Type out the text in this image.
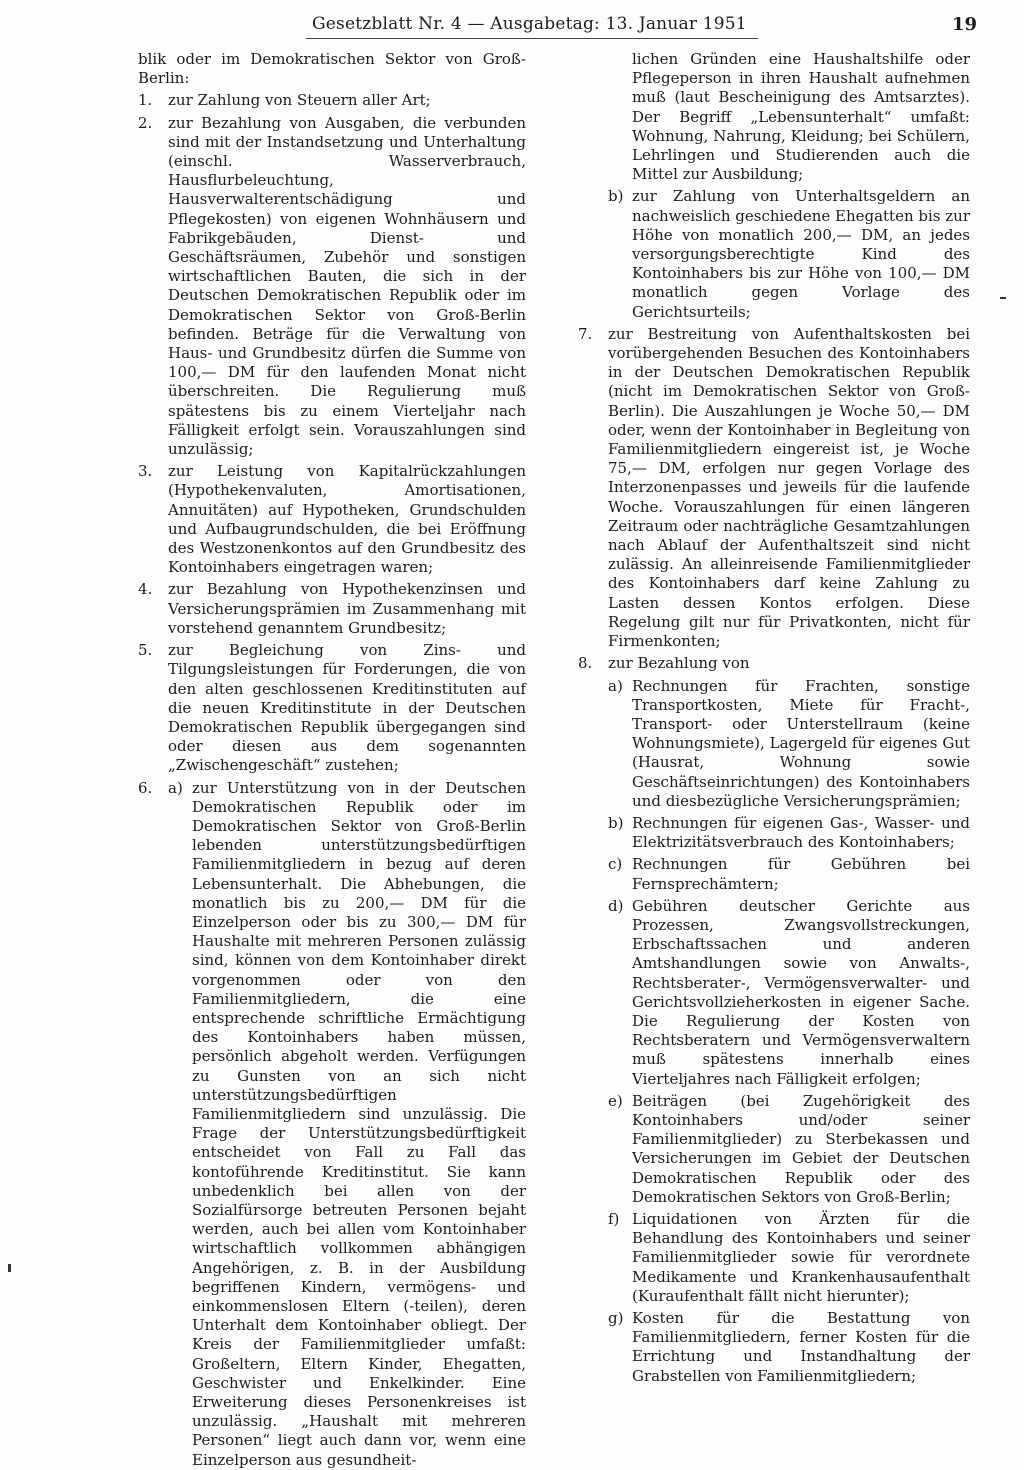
Gesetzblatt Nr. 4 — Ausgabetag: 13. Januar 1951	19

blik oder im Demokratischen Sektor von Groß-Berlin:

1.	zur Zahlung von Steuern aller Art;
2.	zur Bezahlung von Ausgaben, die verbunden sind mit der Instandsetzung und Unterhaltung (einschl. Wasserverbrauch, Hausflurbeleuchtung, Hausverwalterentschädigung und Pflegekosten) von eigenen Wohnhäusern und Fabrikgebäuden, Dienst- und Geschäftsräumen, Zubehör und sonstigen wirtschaftlichen Bauten, die sich in der Deutschen Demokratischen Republik oder im Demokratischen Sektor von Groß-Berlin befinden. Beträge für die Verwaltung von Haus- und Grundbesitz dürfen die Summe von 100,— DM für den laufenden Monat nicht überschreiten. Die Regulierung muß spätestens bis zu einem Vierteljahr nach Fälligkeit erfolgt sein. Vorauszahlungen sind unzulässig;
3.	zur Leistung von Kapitalrückzahlungen (Hypothekenvaluten, Amortisationen, Annuitäten) auf Hypotheken, Grundschulden und Aufbaugrundschulden, die bei Eröffnung des Westzonenkontos auf den Grundbesitz des Kontoinhabers eingetragen waren;
4.	zur Bezahlung von Hypothekenzinsen und Versicherungsprämien im Zusammenhang mit vorstehend genanntem Grundbesitz;
5.	zur Begleichung von Zins- und Tilgungsleistungen für Forderungen, die von den alten geschlossenen Kreditinstituten auf die neuen Kreditinstitute in der Deutschen Demokratischen Republik übergegangen sind oder diesen aus dem sogenannten „Zwischengeschäft“ zustehen;
6.	a) zur Unterstützung von in der Deutschen Demokratischen Republik oder im Demokratischen Sektor von Groß-Berlin lebenden unterstützungsbedürftigen Familienmitgliedern in bezug auf deren Lebensunterhalt. Die Abhebungen, die monatlich bis zu 200,— DM für die Einzelperson oder bis zu 300,— DM für Haushalte mit mehreren Personen zulässig sind, können von dem Kontoinhaber direkt vorgenommen oder von den Familienmitgliedern, die eine entsprechende schriftliche Ermächtigung des Kontoinhabers haben müssen, persönlich abgeholt werden. Verfügungen zu Gunsten von an sich nicht unterstützungsbedürftigen Familienmitgliedern sind unzulässig. Die Frage der Unterstützungsbedürftigkeit entscheidet von Fall zu Fall das kontoführende Kreditinstitut. Sie kann unbedenklich bei allen von der Sozialfürsorge betreuten Personen bejaht werden, auch bei allen vom Kontoinhaber wirtschaftlich vollkommen abhängigen Angehörigen, z. B. in der Ausbildung begriffenen Kindern, vermögens- und einkommenslosen Eltern (-teilen), deren Unterhalt dem Kontoinhaber obliegt. Der Kreis der Familienmitglieder umfaßt: Großeltern, Eltern Kinder, Ehegatten, Geschwister und Enkelkinder. Eine Erweiterung dieses Personenkreises ist unzulässig. „Haushalt mit mehreren Personen“ liegt auch dann vor, wenn eine Einzelperson aus gesundheit-

lichen Gründen eine Haushaltshilfe oder Pflegeperson in ihren Haushalt aufnehmen muß (laut Bescheinigung des Amtsarztes). Der Begriff „Lebensunterhalt“ umfaßt: Wohnung, Nahrung, Kleidung; bei Schülern, Lehrlingen und Studierenden auch die Mittel zur Ausbildung;

b) zur Zahlung von Unterhaltsgeldern an nachweislich geschiedene Ehegatten bis zur Höhe von monatlich 200,— DM, an jedes versorgungsberechtigte Kind des Kontoinhabers bis zur Höhe von 100,— DM monatlich gegen Vorlage des Gerichtsurteils;
7.	zur Bestreitung von Aufenthaltskosten bei vorübergehenden Besuchen des Kontoinhabers in der Deutschen Demokratischen Republik (nicht im Demokratischen Sektor von Groß-Berlin). Die Auszahlungen je Woche 50,— DM oder, wenn der Kontoinhaber in Begleitung von Familienmitgliedern eingereist ist, je Woche 75,— DM, erfolgen nur gegen Vorlage des Interzonenpasses und jeweils für die laufende Woche. Vorauszahlungen für einen längeren Zeitraum oder nachträgliche Gesamtzahlungen nach Ablauf der Aufenthaltszeit sind nicht zulässig. An alleinreisende Familienmitglieder des Kontoinhabers darf keine Zahlung zu Lasten dessen Kontos erfolgen. Diese Regelung gilt nur für Privatkonten, nicht für Firmenkonten;
8.	zur Bezahlung von
a) Rechnungen für Frachten, sonstige Transportkosten, Miete für Fracht-, Transport- oder Unterstellraum (keine Wohnungsmiete), Lagergeld für eigenes Gut (Hausrat, Wohnung sowie Geschäftseinrichtungen) des Kontoinhabers und diesbezügliche Versicherungsprämien;
b) Rechnungen für eigenen Gas-, Wasser- und Elektrizitätsverbrauch des Kontoinhabers;
c) Rechnungen für Gebühren bei Fernsprechämtern;
d) Gebühren deutscher Gerichte aus Prozessen, Zwangsvollstreckungen, Erbschaftssachen und anderen Amtshandlungen sowie von Anwalts-, Rechtsberater-, Vermögensverwalter- und Gerichtsvollzieherkosten in eigener Sache. Die Regulierung der Kosten von Rechtsberatern und Vermögensverwaltern muß spätestens innerhalb eines Vierteljahres nach Fälligkeit erfolgen;
e) Beiträgen (bei Zugehörigkeit des Kontoinhabers und/oder seiner Familienmitglieder) zu Sterbekassen und Versicherungen im Gebiet der Deutschen Demokratischen Republik oder des Demokratischen Sektors von Groß-Berlin;
f) Liquidationen von Ärzten für die Behandlung des Kontoinhabers und seiner Familienmitglieder sowie für verordnete Medikamente und Krankenhausaufenthalt (Kuraufenthalt fällt nicht hierunter);
g) Kosten für die Bestattung von Familienmitgliedern, ferner Kosten für die Errichtung und Instandhaltung der Grabstellen von Familienmitgliedern;
